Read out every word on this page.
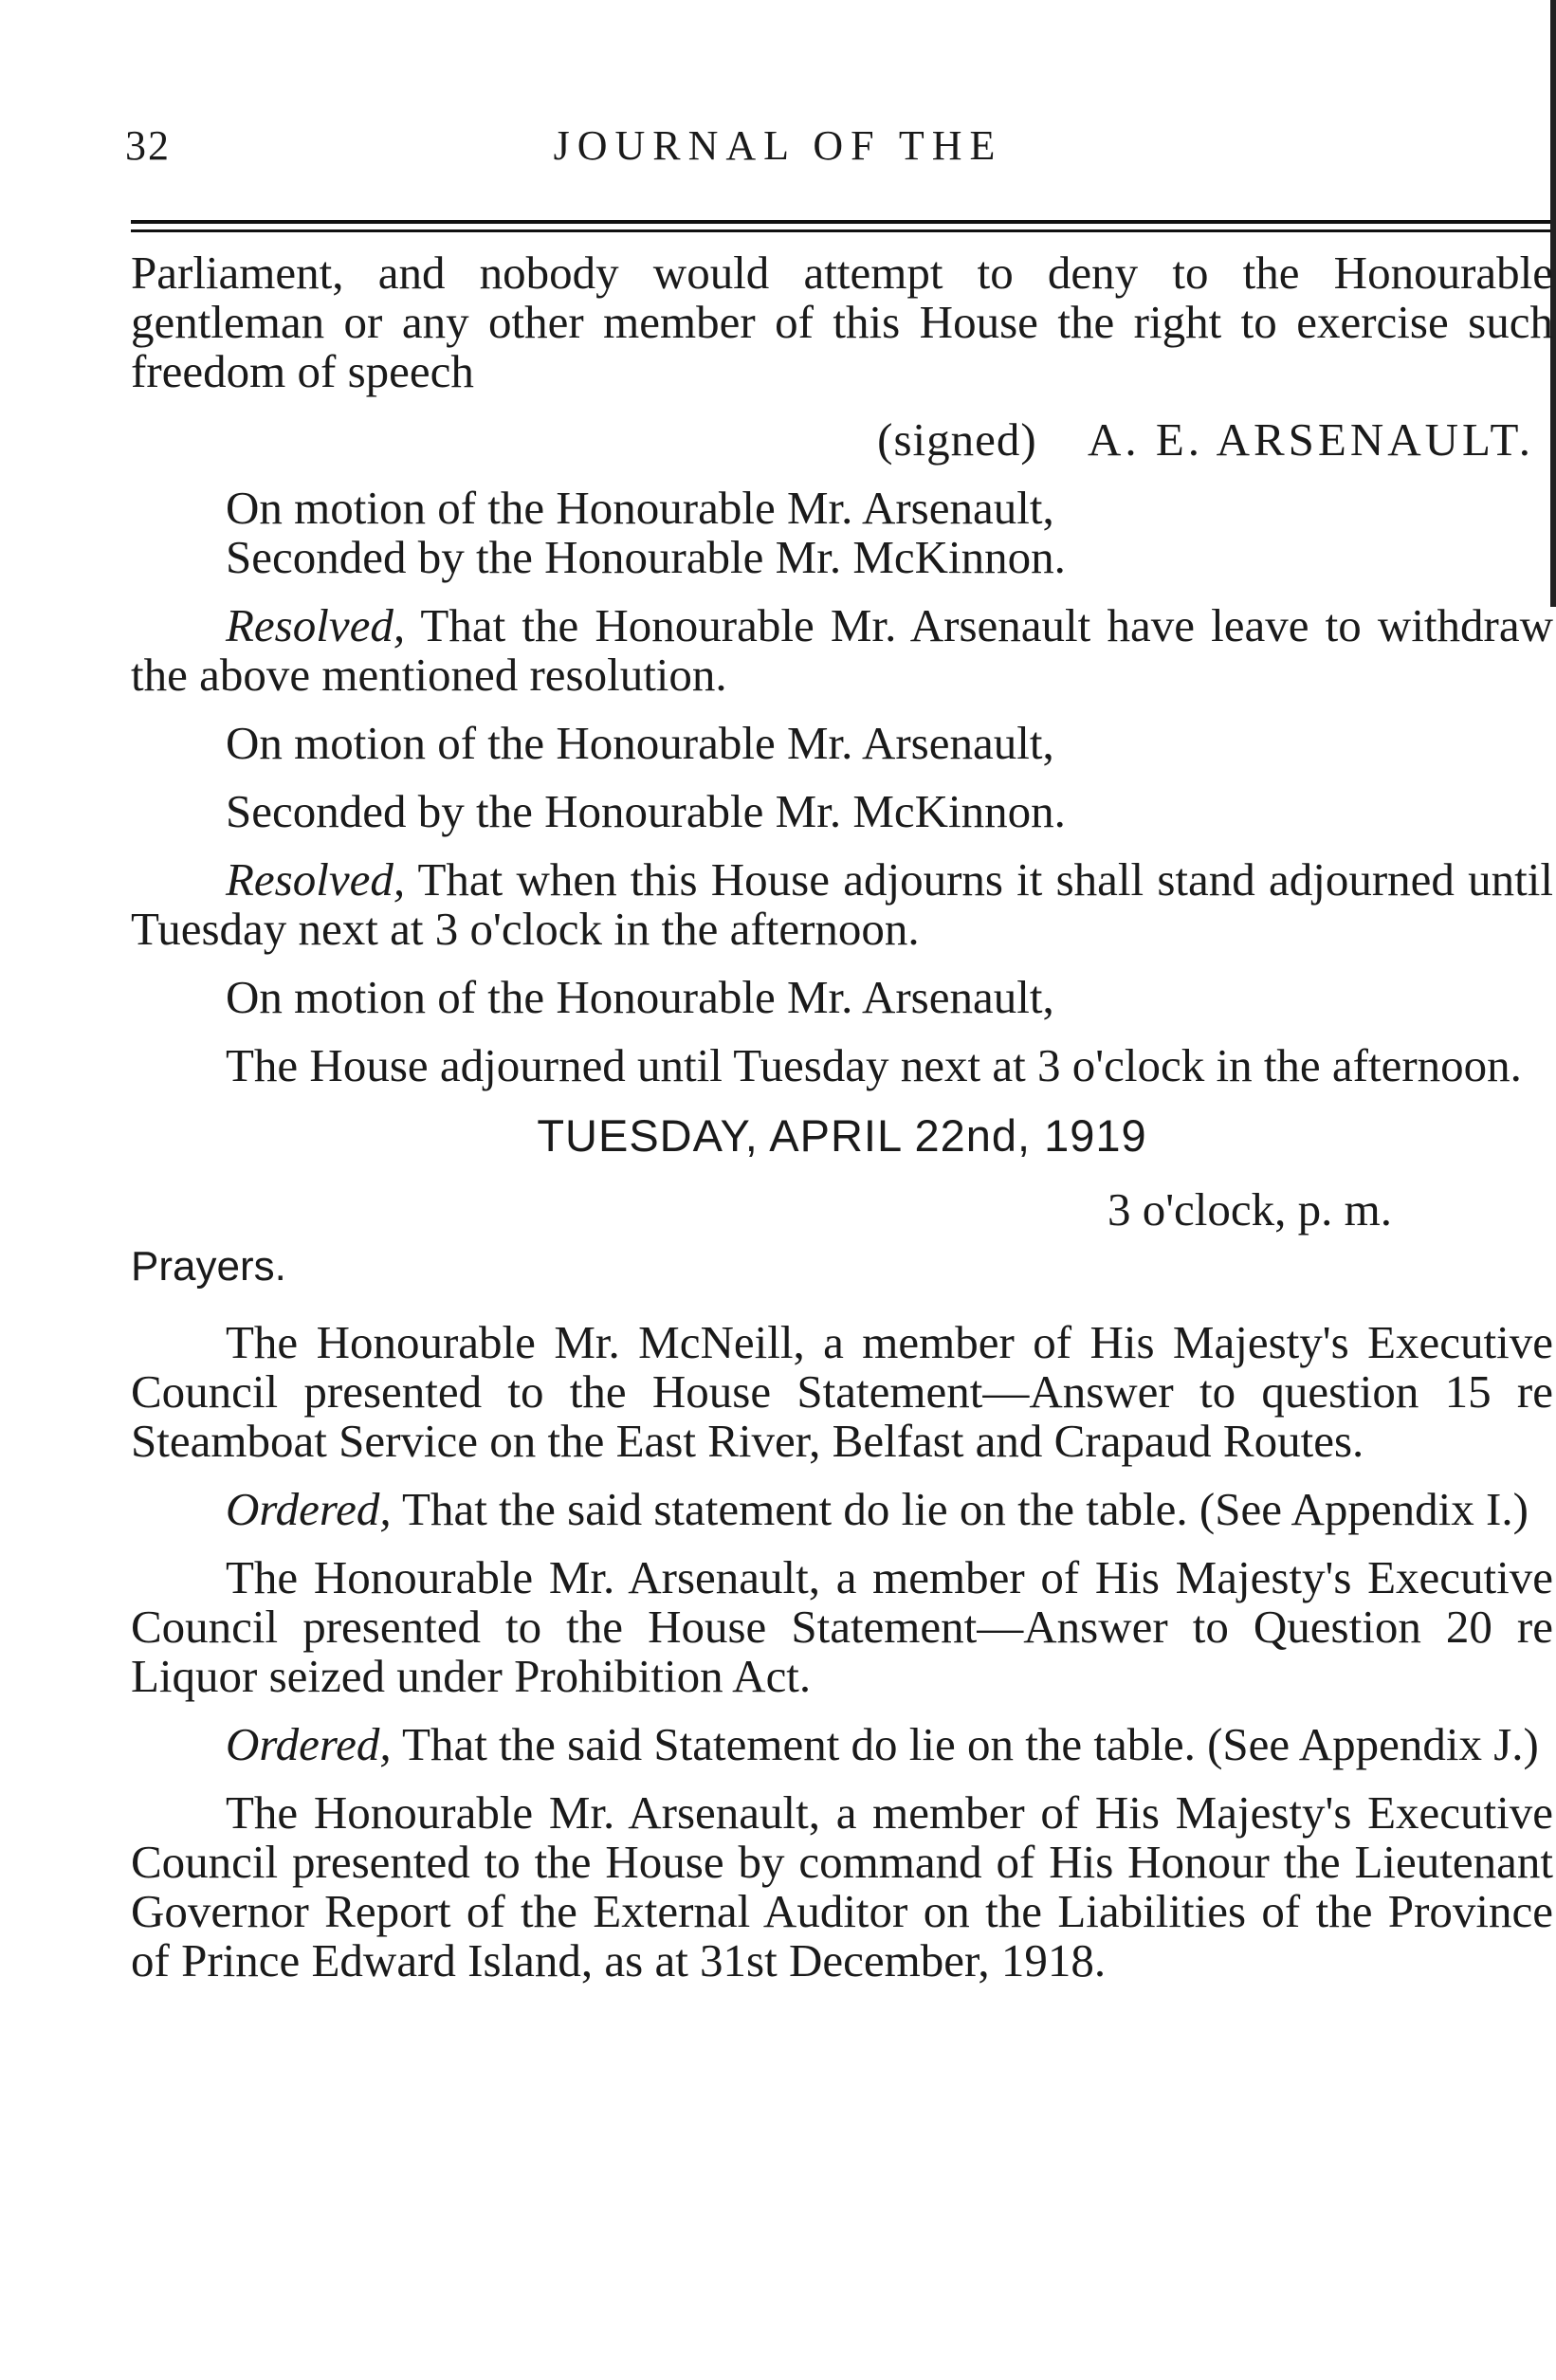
32	JOURNAL OF THE

Parliament, and nobody would attempt to deny to the Honourable gentleman or any other member of this House the right to exercise such freedom of speech

(signed) A. E. ARSENAULT.
On motion of the Honourable Mr. Arsenault,
Seconded by the Honourable Mr. McKinnon.

Resolved, That the Honourable Mr. Arsenault have leave to withdraw the above mentioned resolution.

On motion of the Honourable Mr. Arsenault,

Seconded by the Honourable Mr. McKinnon.

Resolved, That when this House adjourns it shall stand adjourned until Tuesday next at 3 o'clock in the afternoon.

On motion of the Honourable Mr. Arsenault,

The House adjourned until Tuesday next at 3 o'clock in the afternoon.

TUESDAY, APRIL 22nd, 1919
3 o'clock, p. m.
Prayers.

The Honourable Mr. McNeill, a member of His Majesty's Executive Council presented to the House Statement—Answer to question 15 re Steamboat Service on the East River, Belfast and Crapaud Routes.

Ordered, That the said statement do lie on the table. (See Appendix I.)

The Honourable Mr. Arsenault, a member of His Majesty's Executive Council presented to the House Statement—Answer to Question 20 re Liquor seized under Prohibition Act.

Ordered, That the said Statement do lie on the table. (See Appendix J.)

The Honourable Mr. Arsenault, a member of His Majesty's Executive Council presented to the House by command of His Honour the Lieutenant Governor Report of the External Auditor on the Liabilities of the Province of Prince Edward Island, as at 31st December, 1918.
